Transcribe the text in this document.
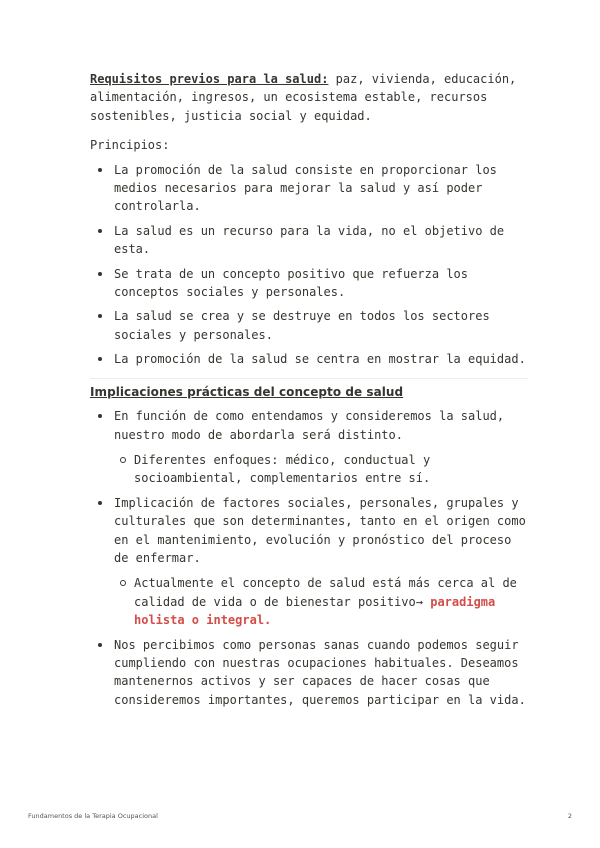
Requisitos previos para la salud: paz, vivienda, educación, alimentación, ingresos, un ecosistema estable, recursos sostenibles, justicia social y equidad.

Principios:

La promoción de la salud consiste en proporcionar los medios necesarios para mejorar la salud y así poder controlarla.
La salud es un recurso para la vida, no el objetivo de esta.
Se trata de un concepto positivo que refuerza los conceptos sociales y personales.
La salud se crea y se destruye en todos los sectores sociales y personales.
La promoción de la salud se centra en mostrar la equidad.

Implicaciones prácticas del concepto de salud

En función de como entendamos y consideremos la salud, nuestro modo de abordarla será distinto.
Diferentes enfoques: médico, conductual y socioambiental, complementarios entre sí.
Implicación de factores sociales, personales, grupales y culturales que son determinantes, tanto en el origen como en el mantenimiento, evolución y pronóstico del proceso de enfermar.
Actualmente el concepto de salud está más cerca al de calidad de vida o de bienestar positivo→ paradigma holista o integral.
Nos percibimos como personas sanas cuando podemos seguir cumpliendo con nuestras ocupaciones habituales. Deseamos mantenernos activos y ser capaces de hacer cosas que consideremos importantes, queremos participar en la vida.
Fundamentos de la Terapia Ocupacional	2
